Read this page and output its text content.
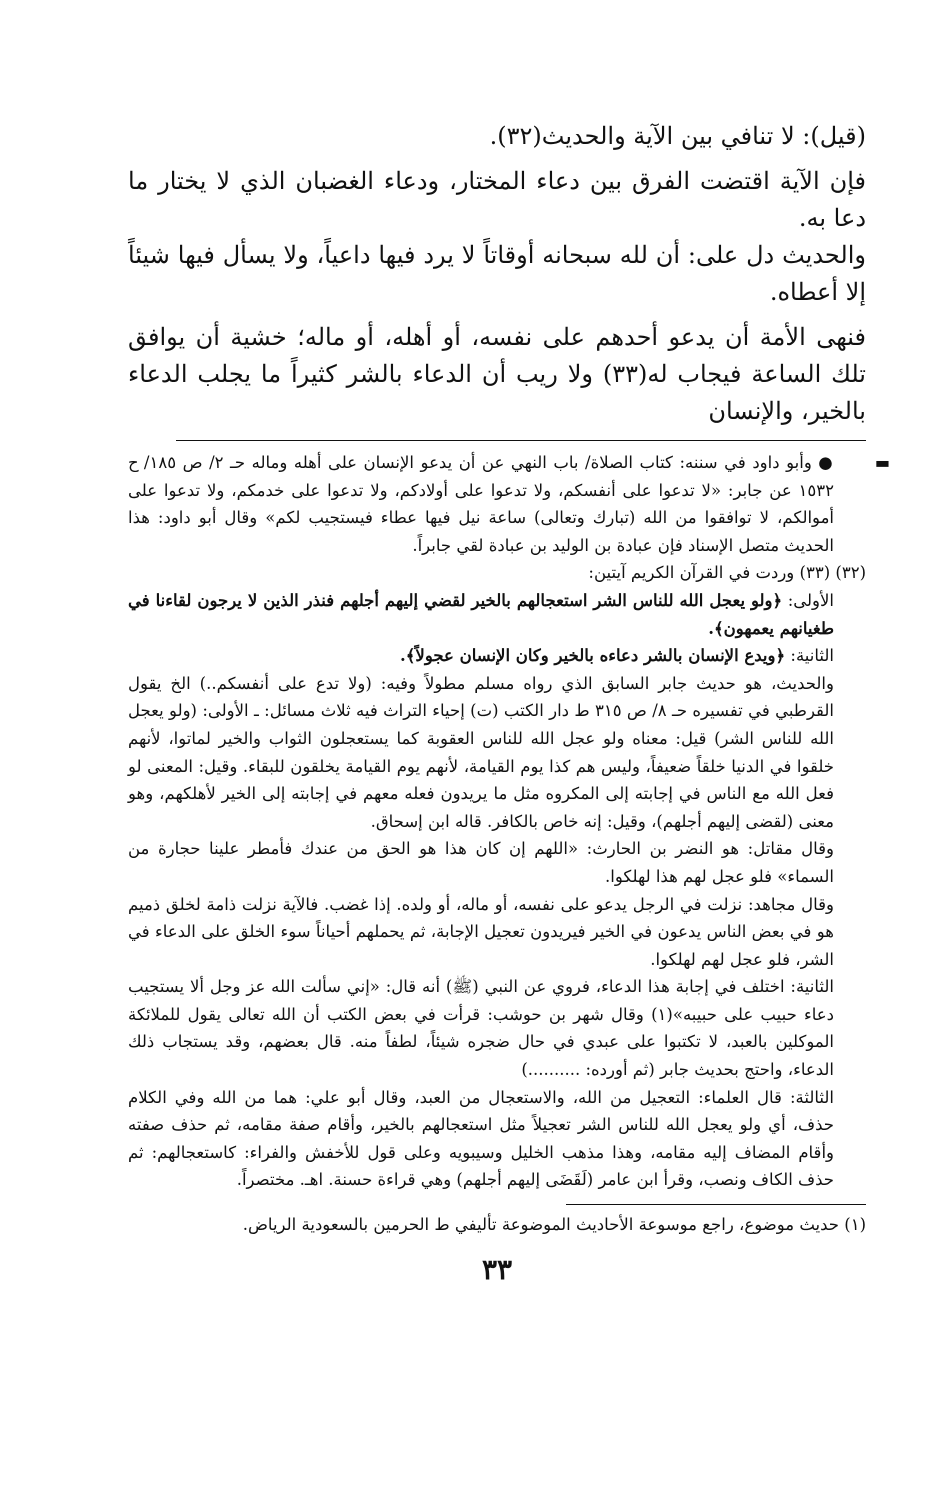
(قيل): لا تنافي بين الآية والحديث(٣٢).

فإن الآية اقتضت الفرق بين دعاء المختار، ودعاء الغضبان الذي لا يختار ما دعا به.

والحديث دل على: أن لله سبحانه أوقاتاً لا يرد فيها داعياً، ولا يسأل فيها شيئاً إلا أعطاه.

فنهى الأمة أن يدعو أحدهم على نفسه، أو أهله، أو ماله؛ خشية أن يوافق تلك الساعة فيجاب له(٣٣) ولا ريب أن الدعاء بالشر كثيراً ما يجلب الدعاء بالخير، والإنسان

▬

● وأبو داود في سننه: كتاب الصلاة/ باب النهي عن أن يدعو الإنسان على أهله وماله حـ ٢/ ص ١٨٥/ ح ١٥٣٢ عن جابر: «لا تدعوا على أنفسكم، ولا تدعوا على أولادكم، ولا تدعوا على خدمكم، ولا تدعوا على أموالكم، لا توافقوا من الله (تبارك وتعالى) ساعة نيل فيها عطاء فيستجيب لكم» وقال أبو داود: هذا الحديث متصل الإسناد فإن عبادة بن الوليد بن عبادة لقي جابراً.

(٣٢) (٣٣) وردت في القرآن الكريم آيتين:

الأولى: ﴿ولو يعجل الله للناس الشر استعجالهم بالخير لقضي إليهم أجلهم فنذر الذين لا يرجون لقاءنا في طغيانهم يعمهون﴾.

الثانية: ﴿ويدع الإنسان بالشر دعاءه بالخير وكان الإنسان عجولاً﴾.

والحديث، هو حديث جابر السابق الذي رواه مسلم مطولاً وفيه: (ولا تدع على أنفسكم..) الخ يقول القرطبي في تفسيره حـ ٨/ ص ٣١٥ ط دار الكتب (ت) إحياء التراث فيه ثلاث مسائل: ـ الأولى: (ولو يعجل الله للناس الشر) قيل: معناه ولو عجل الله للناس العقوبة كما يستعجلون الثواب والخير لماتوا، لأنهم خلقوا في الدنيا خلقاً ضعيفاً، وليس هم كذا يوم القيامة، لأنهم يوم القيامة يخلقون للبقاء. وقيل: المعنى لو فعل الله مع الناس في إجابته إلى المكروه مثل ما يريدون فعله معهم في إجابته إلى الخير لأهلكهم، وهو معنى (لقضى إليهم أجلهم)، وقيل: إنه خاص بالكافر. قاله ابن إسحاق.

وقال مقاتل: هو النضر بن الحارث: «اللهم إن كان هذا هو الحق من عندك فأمطر علينا حجارة من السماء» فلو عجل لهم هذا لهلكوا.

وقال مجاهد: نزلت في الرجل يدعو على نفسه، أو ماله، أو ولده. إذا غضب. فالآية نزلت ذامة لخلق ذميم هو في بعض الناس يدعون في الخير فيريدون تعجيل الإجابة، ثم يحملهم أحياناً سوء الخلق على الدعاء في الشر، فلو عجل لهم لهلكوا.

الثانية: اختلف في إجابة هذا الدعاء، فروي عن النبي (ﷺ) أنه قال: «إني سألت الله عز وجل ألا يستجيب دعاء حبيب على حبيبه»(١) وقال شهر بن حوشب: قرأت في بعض الكتب أن الله تعالى يقول للملائكة الموكلين بالعبد، لا تكتبوا على عبدي في حال ضجره شيئاً، لطفاً منه. قال بعضهم، وقد يستجاب ذلك الدعاء، واحتج بحديث جابر (ثم أورده: ..........)

الثالثة: قال العلماء: التعجيل من الله، والاستعجال من العبد، وقال أبو علي: هما من الله وفي الكلام حذف، أي ولو يعجل الله للناس الشر تعجيلاً مثل استعجالهم بالخير، وأقام صفة مقامه، ثم حذف صفته وأقام المضاف إليه مقامه، وهذا مذهب الخليل وسيبويه وعلى قول للأخفش والفراء: كاستعجالهم: ثم حذف الكاف ونصب، وقرأ ابن عامر (لَقَضَى إليهم أجلهم) وهي قراءة حسنة. اهـ. مختصراً.

(١) حديث موضوع، راجع موسوعة الأحاديث الموضوعة تأليفي ط الحرمين بالسعودية الرياض.

٣٣
